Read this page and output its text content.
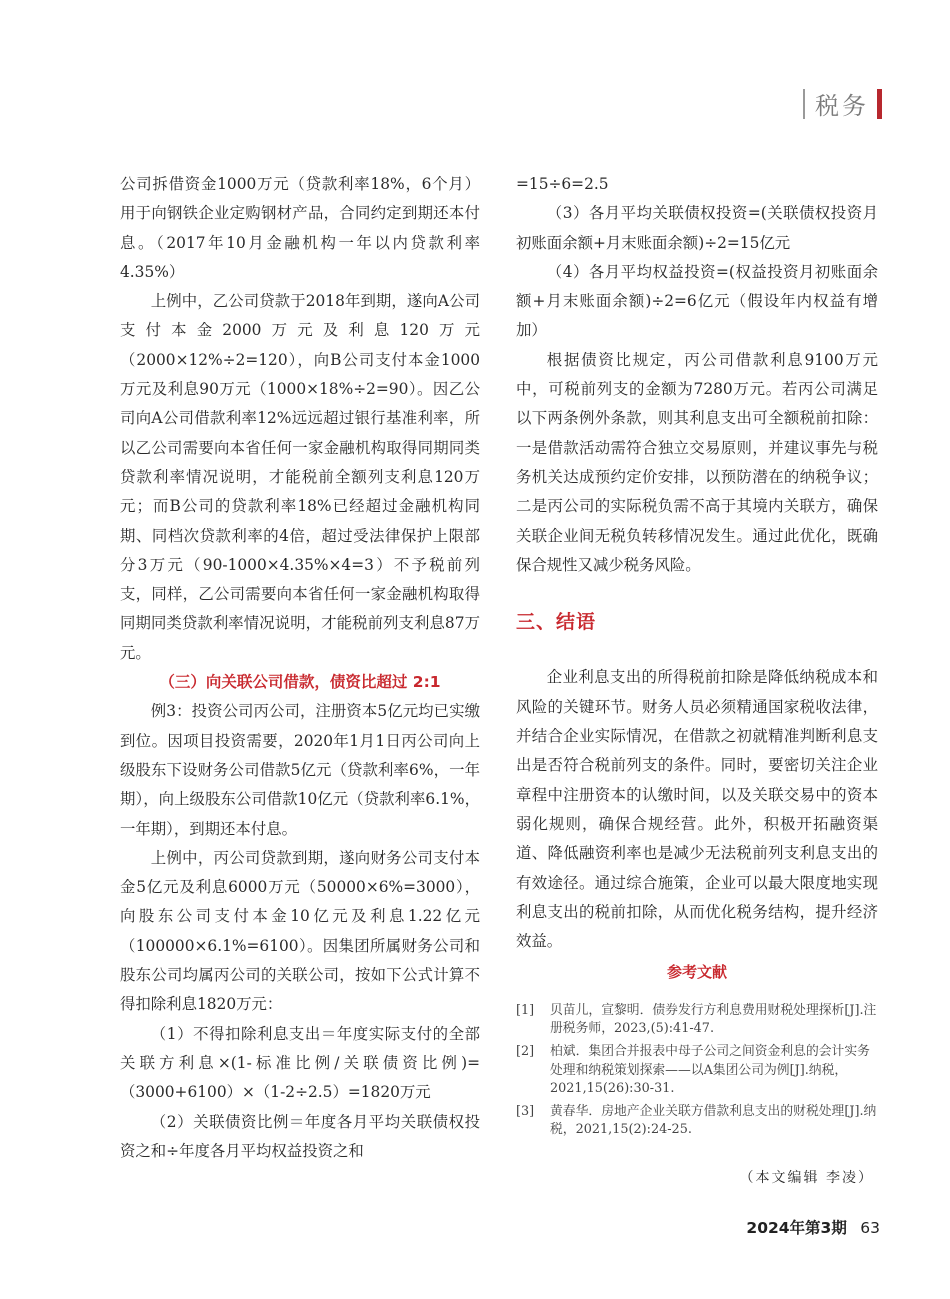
税务

公司拆借资金1000万元（贷款利率18%，6个月）用于向钢铁企业定购钢材产品，合同约定到期还本付息。（2017年10月金融机构一年以内贷款利率4.35%）

上例中，乙公司贷款于2018年到期，遂向A公司支付本金2000万元及利息120万元（2000×12%÷2=120），向B公司支付本金1000万元及利息90万元（1000×18%÷2=90）。因乙公司向A公司借款利率12%远远超过银行基准利率，所以乙公司需要向本省任何一家金融机构取得同期同类贷款利率情况说明，才能税前全额列支利息120万元；而B公司的贷款利率18%已经超过金融机构同期、同档次贷款利率的4倍，超过受法律保护上限部分3万元（90-1000×4.35%×4=3）不予税前列支，同样，乙公司需要向本省任何一家金融机构取得同期同类贷款利率情况说明，才能税前列支利息87万元。

（三）向关联公司借款，债资比超过 2:1

例3：投资公司丙公司，注册资本5亿元均已实缴到位。因项目投资需要，2020年1月1日丙公司向上级股东下设财务公司借款5亿元（贷款利率6%，一年期），向上级股东公司借款10亿元（贷款利率6.1%，一年期），到期还本付息。

上例中，丙公司贷款到期，遂向财务公司支付本金5亿元及利息6000万元（50000×6%=3000），向股东公司支付本金10亿元及利息1.22亿元（100000×6.1%=6100）。因集团所属财务公司和股东公司均属丙公司的关联公司，按如下公式计算不得扣除利息1820万元：

（1）不得扣除利息支出＝年度实际支付的全部关联方利息×(1-标准比例/关联债资比例)=（3000+6100）×（1-2÷2.5）=1820万元

（2）关联债资比例＝年度各月平均关联债权投资之和÷年度各月平均权益投资之和

=15÷6=2.5

（3）各月平均关联债权投资=(关联债权投资月初账面余额+月末账面余额)÷2=15亿元

（4）各月平均权益投资=(权益投资月初账面余额+月末账面余额)÷2=6亿元（假设年内权益有增加）

根据债资比规定，丙公司借款利息9100万元中，可税前列支的金额为7280万元。若丙公司满足以下两条例外条款，则其利息支出可全额税前扣除：一是借款活动需符合独立交易原则，并建议事先与税务机关达成预约定价安排，以预防潜在的纳税争议；二是丙公司的实际税负需不高于其境内关联方，确保关联企业间无税负转移情况发生。通过此优化，既确保合规性又减少税务风险。

三、结语

企业利息支出的所得税前扣除是降低纳税成本和风险的关键环节。财务人员必须精通国家税收法律，并结合企业实际情况，在借款之初就精准判断利息支出是否符合税前列支的条件。同时，要密切关注企业章程中注册资本的认缴时间，以及关联交易中的资本弱化规则，确保合规经营。此外，积极开拓融资渠道、降低融资利率也是减少无法税前列支利息支出的有效途径。通过综合施策，企业可以最大限度地实现利息支出的税前扣除，从而优化税务结构，提升经济效益。

参考文献
[1]	贝苗儿，宣黎明．债券发行方利息费用财税处理探析[J].注册税务师，2023,(5):41-47.
[2]	柏斌．集团合并报表中母子公司之间资金利息的会计实务处理和纳税策划探索——以A集团公司为例[J].纳税，2021,15(26):30-31.
[3]	黄春华．房地产企业关联方借款利息支出的财税处理[J].纳税，2021,15(2):24-25.
（本文编辑 李凌）
2024年第3期 63
